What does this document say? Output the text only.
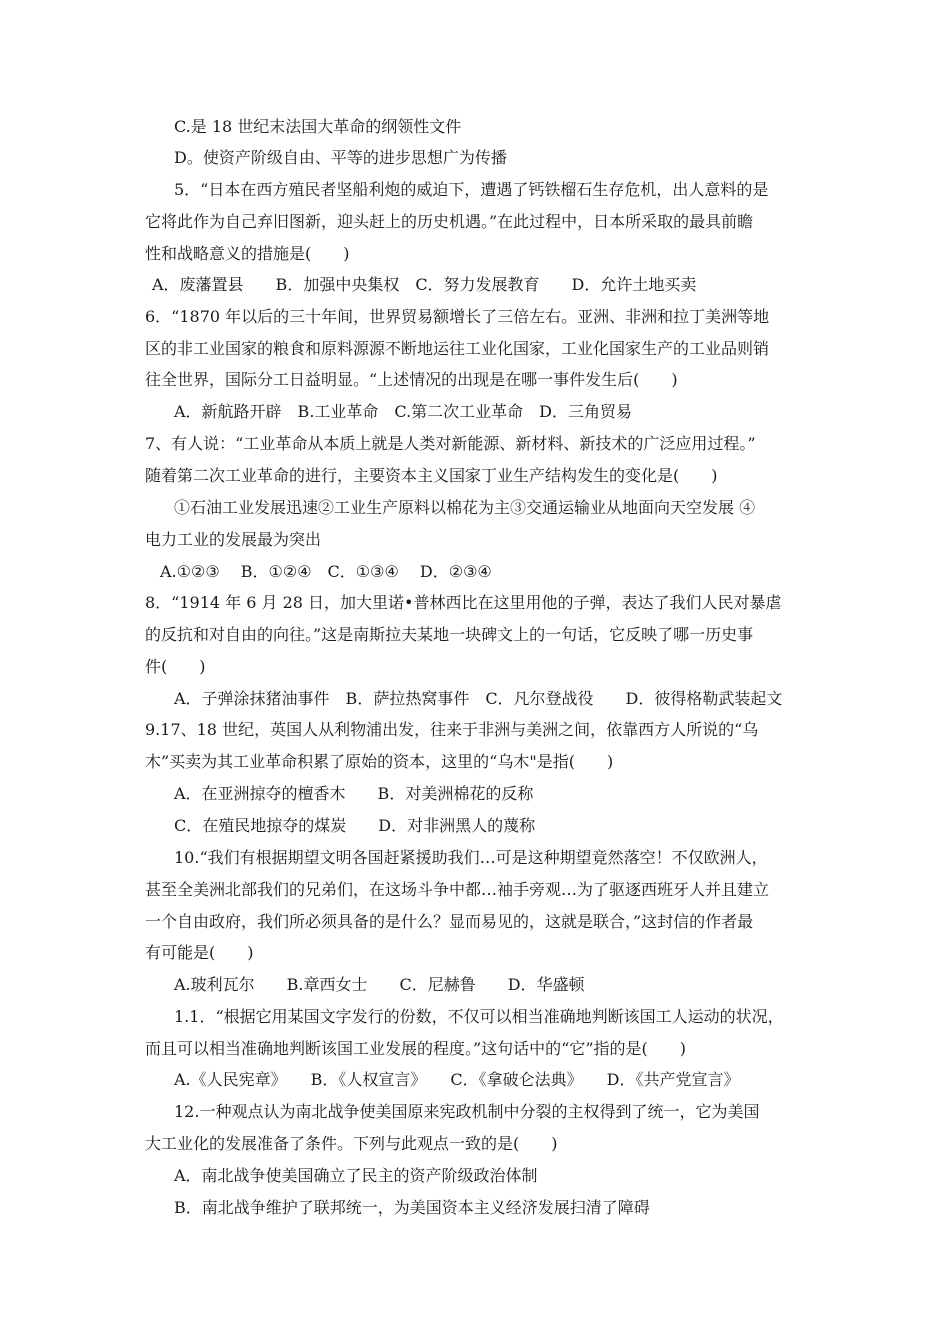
C.是 18 世纪末法国大革命的纲领性文件
D。使资产阶级自由、平等的进步思想广为传播
5．“日本在西方殖民者坚船利炮的威迫下，遭遇了钙铁榴石生存危机，出人意料的是
它将此作为自己弃旧图新，迎头赶上的历史机遇。”在此过程中，日本所采取的最具前瞻
性和战略意义的措施是(　　)
A．废藩置县　　B．加强中央集权　C．努力发展教育　　D．允许土地买卖
6．“1870 年以后的三十年间，世界贸易额增长了三倍左右。亚洲、非洲和拉丁美洲等地
区的非工业国家的粮食和原料源源不断地运往工业化国家，工业化国家生产的工业品则销
往全世界，国际分工日益明显。“上述情况的出现是在哪一事件发生后(　　)
A．新航路开辟　B.工业革命　C.第二次工业革命　D．三角贸易
7、有人说：“工业革命从本质上就是人类对新能源、新材料、新技术的广泛应用过程。”
随着第二次工业革命的进行，主要资本主义国家丁业生产结构发生的变化是(　　)
①石油工业发展迅速②工业生产原料以棉花为主③交通运输业从地面向天空发展 ④
电力工业的发展最为突出
A.①②③　 B．①②④　C．①③④　 D．②③④
8．“1914 年 6 月 28 日，加大里诺•普林西比在这里用他的子弹，表达了我们人民对暴虐
的反抗和对自由的向往。”这是南斯拉夫某地一块碑文上的一句话，它反映了哪一历史事
件(　　)
A．子弹涂抹猪油事件　B．萨拉热窝事件　C．凡尔登战役　　D．彼得格勒武装起文
9.17、18 世纪，英国人从利物浦出发，往来于非洲与美洲之间，依靠西方人所说的“乌
木”买卖为其工业革命积累了原始的资本，这里的“乌木"是指(　　)
A．在亚洲掠夺的檀香木　　B．对美洲棉花的反称
C．在殖民地掠夺的煤炭　　D．对非洲黑人的蔑称
10.“我们有根据期望文明各国赶紧援助我们…可是这种期望竟然落空！不仅欧洲人，
甚至全美洲北部我们的兄弟们，在这场斗争中都…袖手旁观…为了驱逐西班牙人并且建立
一个自由政府，我们所必须具备的是什么？显而易见的，这就是联合，”这封信的作者最
有可能是(　　)
A.玻利瓦尔　　B.章西女士　　C．尼赫鲁　　D．华盛顿
1.1．“根据它用某国文字发行的份数，不仅可以相当准确地判断该国工人运动的状况，
而且可以相当准确地判断该国工业发展的程度。”这句话中的“它”指的是(　　)
A.《人民宪章》　　B．《人权宣言》　　C．《拿破仑法典》　　D．《共产党宣言》
12.一种观点认为南北战争使美国原来宪政机制中分裂的主权得到了统一，它为美国
大工业化的发展准备了条件。下列与此观点一致的是(　　)
A．南北战争使美国确立了民主的资产阶级政治体制
B．南北战争维护了联邦统一，为美国资本主义经济发展扫清了障碍
